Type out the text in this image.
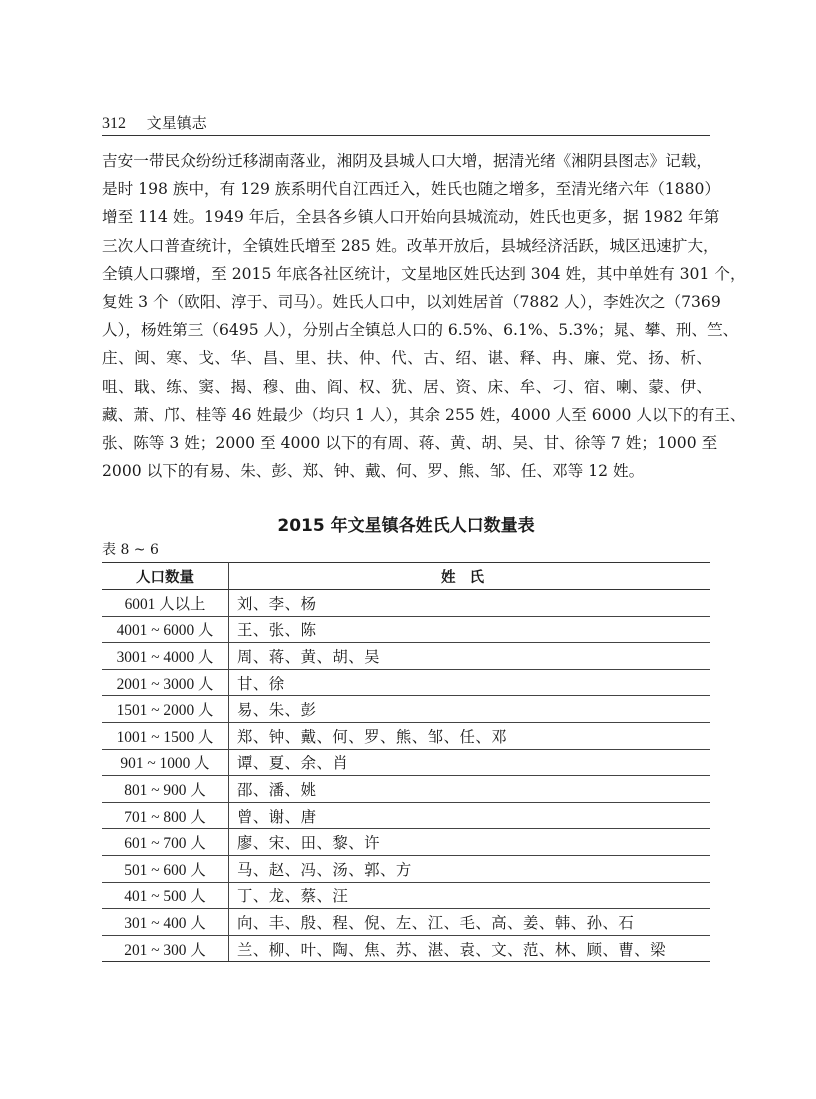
312 文星镇志
吉安一带民众纷纷迁移湖南落业，湘阴及县城人口大增，据清光绪《湘阴县图志》记载，
是时 198 族中，有 129 族系明代自江西迁入，姓氏也随之增多，至清光绪六年（1880）
增至 114 姓。1949 年后，全县各乡镇人口开始向县城流动，姓氏也更多，据 1982 年第
三次人口普查统计，全镇姓氏增至 285 姓。改革开放后，县城经济活跃，城区迅速扩大，
全镇人口骤增，至 2015 年底各社区统计，文星地区姓氏达到 304 姓，其中单姓有 301 个，
复姓 3 个（欧阳、淳于、司马）。姓氏人口中，以刘姓居首（7882 人），李姓次之（7369
人），杨姓第三（6495 人），分别占全镇总人口的 6.5%、6.1%、5.3%；晁、攀、刑、竺、
庄、闽、寒、戈、华、昌、里、扶、仲、代、古、绍、谌、释、冉、廉、党、扬、析、
咀、戢、练、窦、揭、穆、曲、阎、权、犹、居、资、床、牟、刁、宿、喇、蒙、伊、
藏、萧、邝、桂等 46 姓最少（均只 1 人），其余 255 姓，4000 人至 6000 人以下的有王、
张、陈等 3 姓；2000 至 4000 以下的有周、蒋、黄、胡、吴、甘、徐等 7 姓；1000 至
2000 以下的有易、朱、彭、郑、钟、戴、何、罗、熊、邹、任、邓等 12 姓。
2015 年文星镇各姓氏人口数量表
表 8 ~ 6
人口数量	姓氏
6001 人以上	刘、李、杨
4001 ~ 6000 人	王、张、陈
3001 ~ 4000 人	周、蒋、黄、胡、吴
2001 ~ 3000 人	甘、徐
1501 ~ 2000 人	易、朱、彭
1001 ~ 1500 人	郑、钟、戴、何、罗、熊、邹、任、邓
901 ~ 1000 人	谭、夏、余、肖
801 ~ 900 人	邵、潘、姚
701 ~ 800 人	曾、谢、唐
601 ~ 700 人	廖、宋、田、黎、许
501 ~ 600 人	马、赵、冯、汤、郭、方
401 ~ 500 人	丁、龙、蔡、汪
301 ~ 400 人	向、丰、殷、程、倪、左、江、毛、高、姜、韩、孙、石
201 ~ 300 人	兰、柳、叶、陶、焦、苏、湛、袁、文、范、林、顾、曹、梁
